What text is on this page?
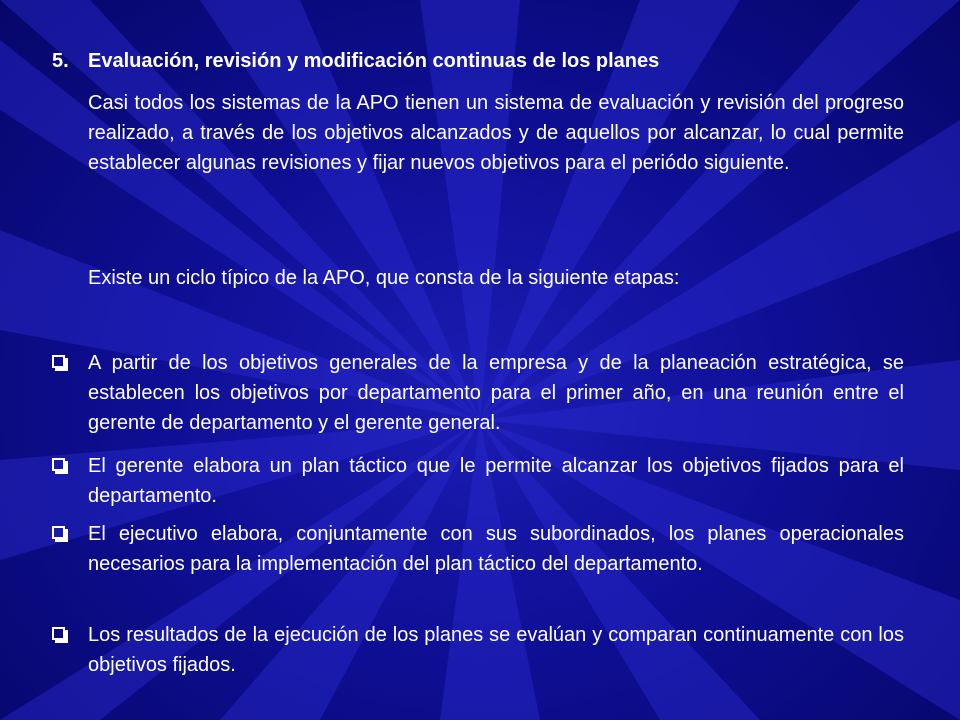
5. Evaluación, revisión y modificación continuas de los planes
Casi todos los sistemas de la APO tienen un sistema de evaluación y revisión del progreso realizado, a través de los objetivos alcanzados y de aquellos por alcanzar, lo cual permite establecer algunas revisiones y fijar nuevos objetivos para el periódo siguiente.
Existe un ciclo típico de la APO, que consta de la siguiente etapas:
A partir de los objetivos generales de la empresa y de la planeación estratégica, se establecen los objetivos por departamento para el primer año, en una reunión entre el gerente de departamento y el gerente general.
El gerente elabora un plan táctico que le permite alcanzar los objetivos fijados para el departamento.
El ejecutivo elabora, conjuntamente con sus subordinados, los planes operacionales necesarios para la implementación del plan táctico del departamento.
Los resultados de la ejecución de los planes se evalúan y comparan continuamente con los objetivos fijados.
